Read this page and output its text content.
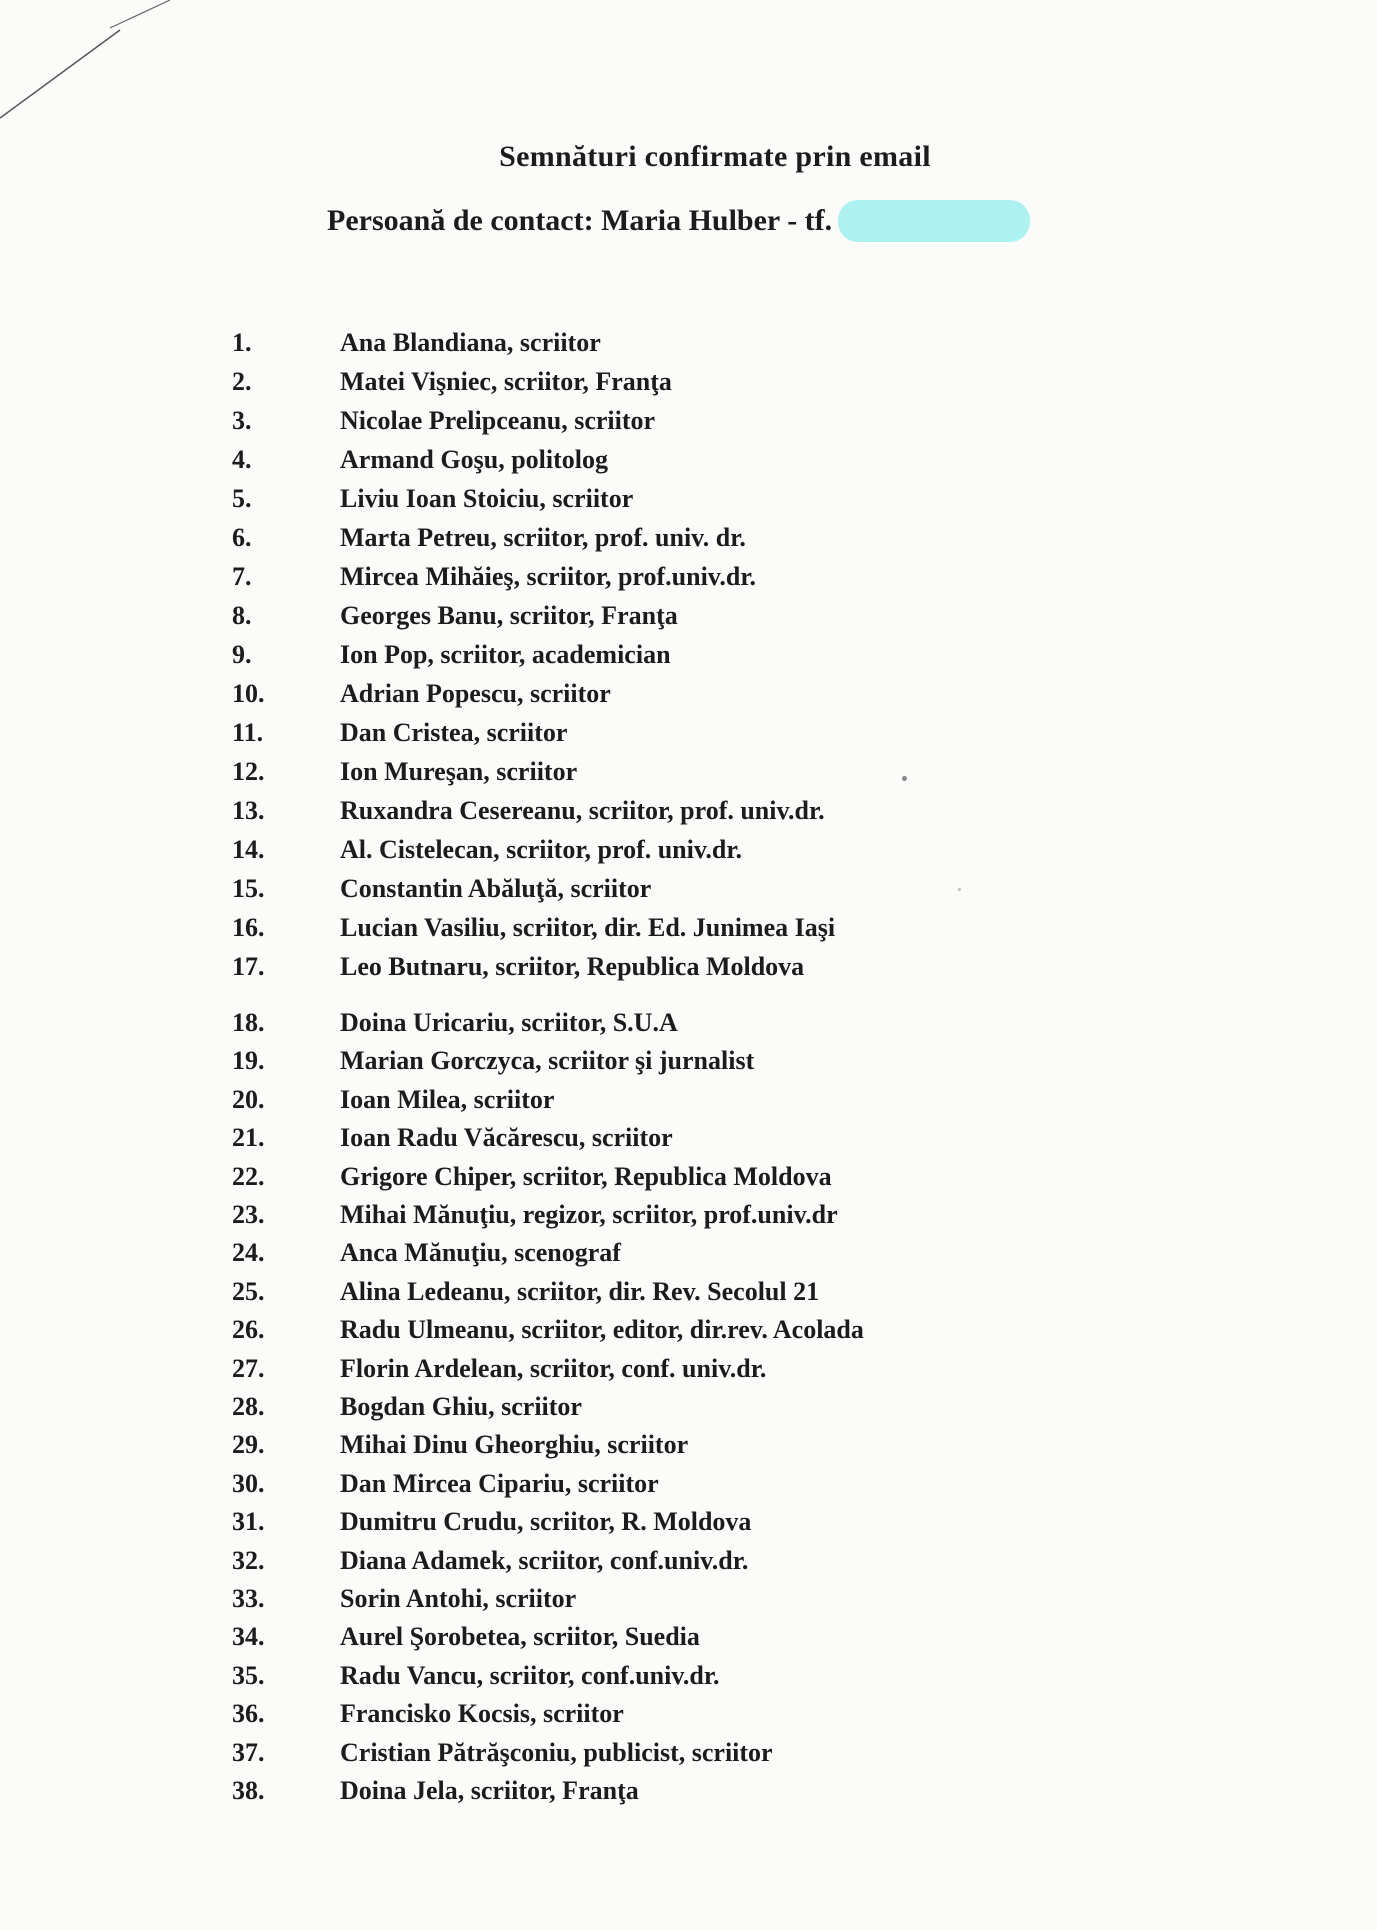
Semnături confirmate prin email
Persoană de contact: Maria Hulber - tf.
1.	Ana Blandiana, scriitor
2.	Matei Vişniec, scriitor, Franţa
3.	Nicolae Prelipceanu, scriitor
4.	Armand Goşu, politolog
5.	Liviu Ioan Stoiciu, scriitor
6.	Marta Petreu, scriitor, prof. univ. dr.
7.	Mircea Mihăieş, scriitor, prof.univ.dr.
8.	Georges Banu, scriitor, Franţa
9.	Ion Pop, scriitor, academician
10.	Adrian Popescu, scriitor
11.	Dan Cristea, scriitor
12.	Ion Mureşan, scriitor
13.	Ruxandra Cesereanu, scriitor, prof. univ.dr.
14.	Al. Cistelecan, scriitor, prof. univ.dr.
15.	Constantin Abăluţă, scriitor
16.	Lucian Vasiliu, scriitor, dir. Ed. Junimea Iaşi
17.	Leo Butnaru, scriitor, Republica Moldova
18.	Doina Uricariu, scriitor, S.U.A
19.	Marian Gorczyca, scriitor şi jurnalist
20.	Ioan Milea, scriitor
21.	Ioan Radu Văcărescu, scriitor
22.	Grigore Chiper, scriitor, Republica Moldova
23.	Mihai Mănuţiu, regizor, scriitor, prof.univ.dr
24.	Anca Mănuţiu, scenograf
25.	Alina Ledeanu, scriitor, dir. Rev. Secolul 21
26.	Radu Ulmeanu, scriitor, editor, dir.rev. Acolada
27.	Florin Ardelean, scriitor, conf. univ.dr.
28.	Bogdan Ghiu, scriitor
29.	Mihai Dinu Gheorghiu, scriitor
30.	Dan Mircea Cipariu, scriitor
31.	Dumitru Crudu, scriitor, R. Moldova
32.	Diana Adamek, scriitor, conf.univ.dr.
33.	Sorin Antohi, scriitor
34.	Aurel Şorobetea, scriitor, Suedia
35.	Radu Vancu, scriitor, conf.univ.dr.
36.	Francisko Kocsis, scriitor
37.	Cristian Pătrăşconiu, publicist, scriitor
38.	Doina Jela, scriitor, Franţa
